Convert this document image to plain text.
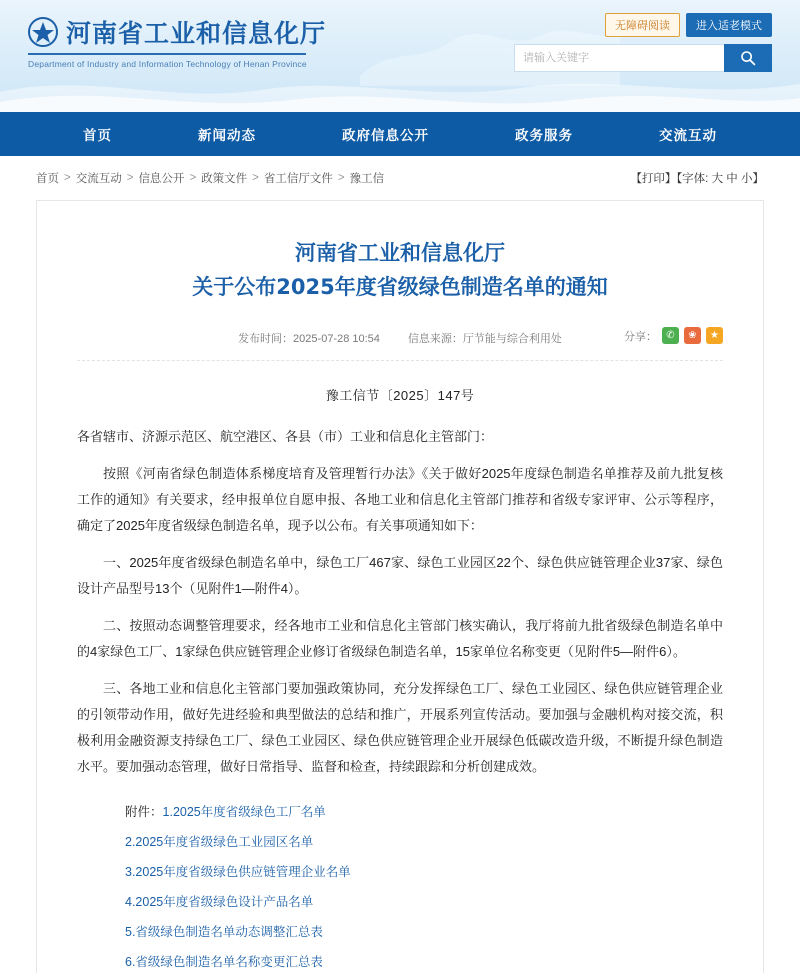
河南省工业和信息化厅
Department of Industry and Information Technology of Henan Province
无障碍阅读	进入适老模式
请输入关键字
首页	新闻动态	政府信息公开	政务服务	交流互动
首页 > 交流互动 > 信息公开 > 政策文件 > 省工信厅文件 > 豫工信	【打印】【字体: 大 中 小】
河南省工业和信息化厅
关于公布2025年度省级绿色制造名单的通知
发布时间：2025-07-28 10:54	信息来源：厅节能与综合利用处	分享： ✆	❀	★
豫工信节〔2025〕147号

各省辖市、济源示范区、航空港区、各县（市）工业和信息化主管部门：

按照《河南省绿色制造体系梯度培育及管理暂行办法》《关于做好2025年度绿色制造名单推荐及前九批复核工作的通知》有关要求，经申报单位自愿申报、各地工业和信息化主管部门推荐和省级专家评审、公示等程序，确定了2025年度省级绿色制造名单，现予以公布。有关事项通知如下：

一、2025年度省级绿色制造名单中，绿色工厂467家、绿色工业园区22个、绿色供应链管理企业37家、绿色设计产品型号13个（见附件1—附件4）。

二、按照动态调整管理要求，经各地市工业和信息化主管部门核实确认，我厅将前九批省级绿色制造名单中的4家绿色工厂、1家绿色供应链管理企业修订省级绿色制造名单，15家单位名称变更（见附件5—附件6）。

三、各地工业和信息化主管部门要加强政策协同，充分发挥绿色工厂、绿色工业园区、绿色供应链管理企业的引领带动作用，做好先进经验和典型做法的总结和推广，开展系列宣传活动。要加强与金融机构对接交流，积极利用金融资源支持绿色工厂、绿色工业园区、绿色供应链管理企业开展绿色低碳改造升级，不断提升绿色制造水平。要加强动态管理，做好日常指导、监督和检查，持续跟踪和分析创建成效。

附件：1.2025年度省级绿色工厂名单

2.2025年度省级绿色工业园区名单

3.2025年度省级绿色供应链管理企业名单

4.2025年度省级绿色设计产品名单

5.省级绿色制造名单动态调整汇总表

6.省级绿色制造名单名称变更汇总表
